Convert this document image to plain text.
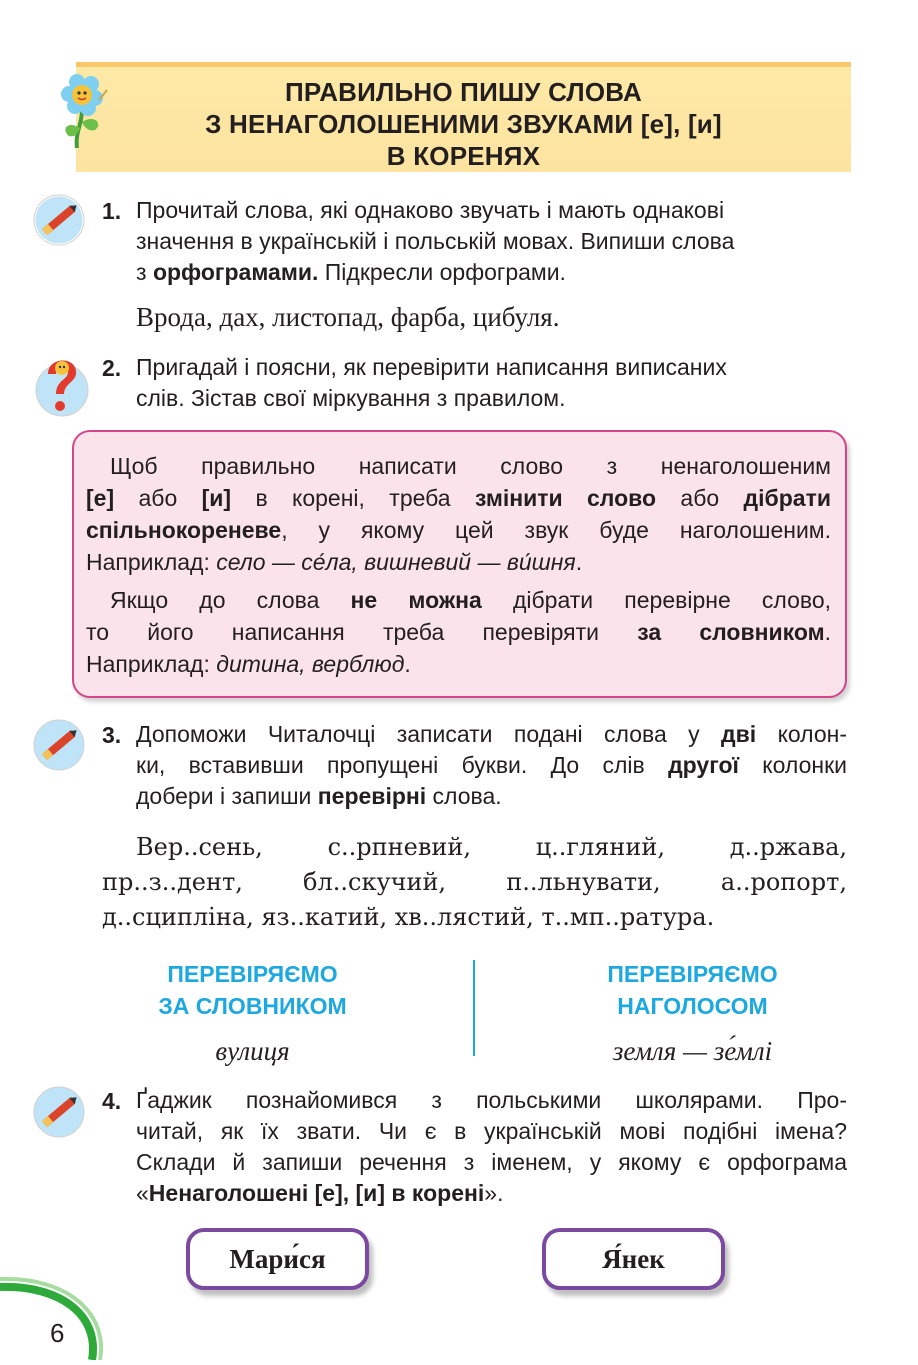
ПРАВИЛЬНО ПИШУ СЛОВА
З НЕНАГОЛОШЕНИМИ ЗВУКАМИ [е], [и]
В КОРЕНЯХ
1. Прочитай слова, які однаково звучать і мають однакові
значення в українській і польській мовах. Випиши слова
з орфограмами. Підкресли орфограми.
Врода, дах, листопад, фарба, цибуля.
2. Пригадай і поясни, як перевірити написання виписаних
слів. Зістав свої міркування з правилом.
Щоб правильно написати слово з ненаголошеним
[е] або [и] в корені, треба змінити слово або дібрати
спільнокореневе, у якому цей звук буде наголошеним.
Наприклад: село — се́ла, вишневий — ви́шня.
Якщо до слова не можна дібрати перевірне слово,
то його написання треба перевіряти за словником.
Наприклад: дитина, верблюд.
3. Допоможи Читалочці записати подані слова у дві колон-
ки, вставивши пропущені букви. До слів другої колонки
добери і запиши перевірні слова.
Вер..сень, с..рпневий, ц..гляний, д..ржава,
пр..з..дент, бл..скучий, п..льнувати, а..ропорт,
д..сципліна, яз..катий, хв..лястий, т..мп..ратура.
ПЕРЕВІРЯЄМО
ЗА СЛОВНИКОМ
вулиця
ПЕРЕВІРЯЄМО
НАГОЛОСОМ
земля — зе́млі
4. Ґаджик познайомився з польськими школярами. Про-
читай, як їх звати. Чи є в українській мові подібні імена?
Склади й запиши речення з іменем, у якому є орфограма
«Ненаголошені [е], [и] в корені».
Мари́ся	Я́нек
6
